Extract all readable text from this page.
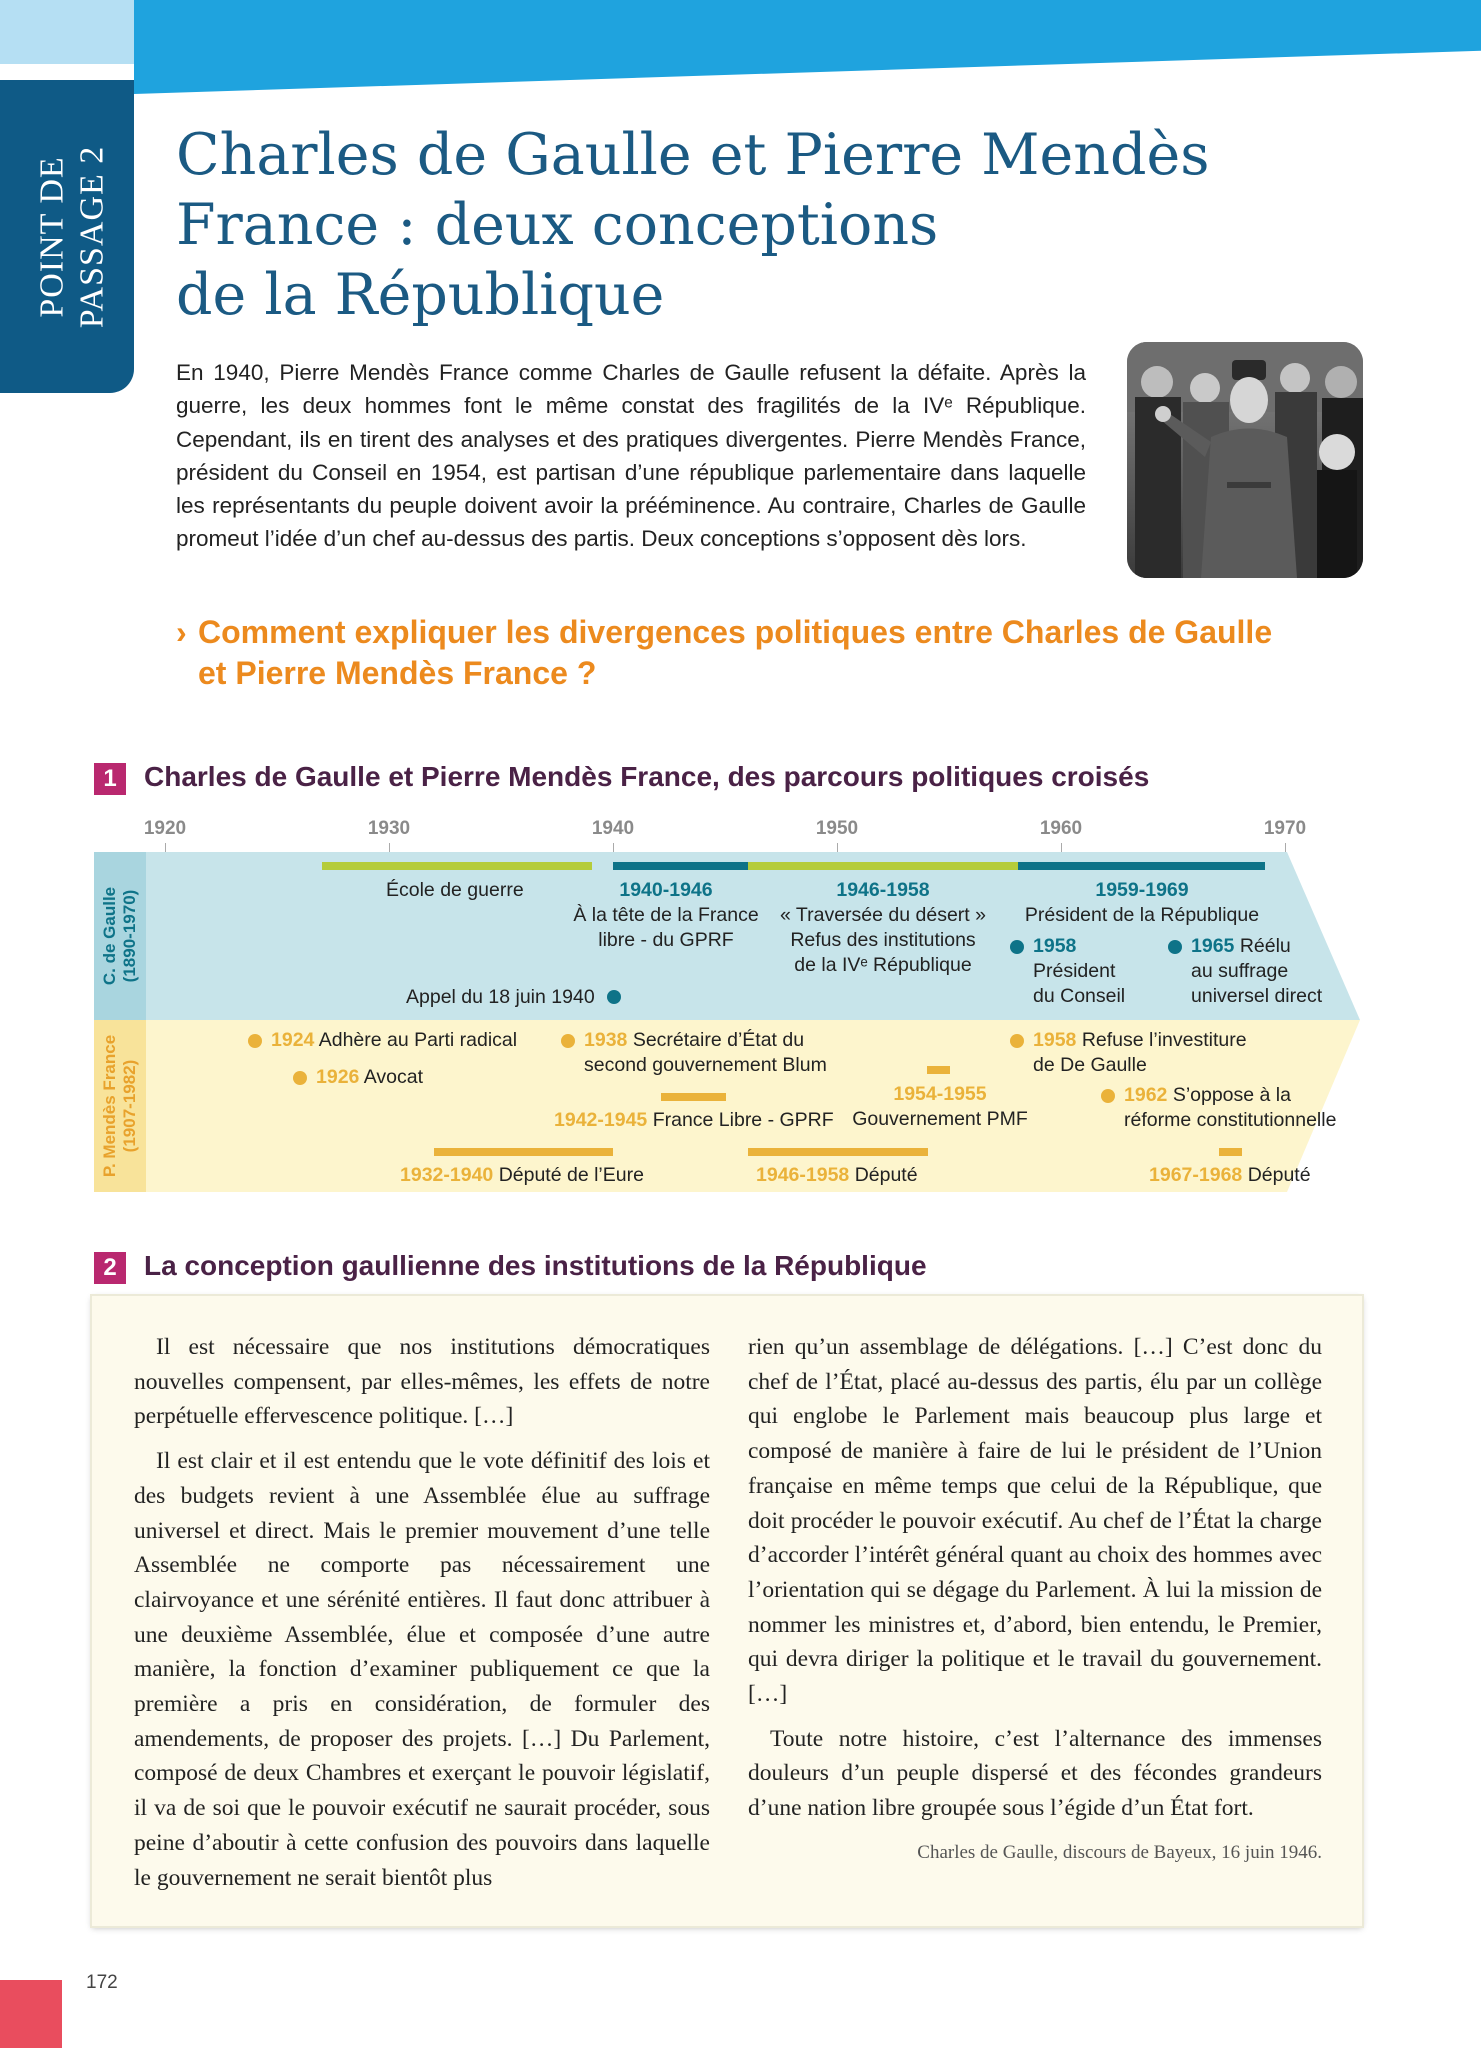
POINT DE
PASSAGE 2 Charles de Gaulle et Pierre Mendès
France : deux conceptions
de la République

En 1940, Pierre Mendès France comme Charles de Gaulle refusent la défaite. Après la guerre, les deux hommes font le même constat des fragilités de la IVᵉ République. Cependant, ils en tirent des analyses et des pratiques divergentes. Pierre Mendès France, président du Conseil en 1954, est partisan d’une république parlementaire dans laquelle les représentants du peuple doivent avoir la prééminence. Au contraire, Charles de Gaulle promeut l’idée d’un chef au-dessus des partis. Deux conceptions s’opposent dès lors.

› Comment expliquer les divergences politiques entre Charles de Gaulle
et Pierre Mendès France ?
1 Charles de Gaulle et Pierre Mendès France, des parcours politiques croisés
1920	1930	1940	1950	1960	1970
C. de Gaulle
(1890-1970)
P. Mendès France
(1907-1982)
École de guerre	1940-1946
À la tête de la France
libre - du GPRF
1946-1958
« Traversée du désert »
Refus des institutions
de la IVᵉ République
1959-1969
Président de la République
1958
Président
du Conseil
1965 Réélu
au suffrage
universel direct
Appel du 18 juin 1940
1924 Adhère au Parti radical
1926 Avocat
1938 Secrétaire d’État du
second gouvernement Blum
1942-1945 France Libre - GPRF
1954-1955
Gouvernement PMF
1958 Refuse l’investiture
de De Gaulle
1962 S’oppose à la
réforme constitutionnelle
1932-1940 Député de l’Eure	1946-1958 Député	1967-1968 Député
2 La conception gaullienne des institutions de la République

Il est nécessaire que nos institutions démocratiques nouvelles compensent, par elles-mêmes, les effets de notre perpétuelle effervescence politique. […]

Il est clair et il est entendu que le vote définitif des lois et des budgets revient à une Assemblée élue au suffrage universel et direct. Mais le premier mouvement d’une telle Assemblée ne comporte pas nécessairement une clairvoyance et une sérénité entières. Il faut donc attribuer à une deuxième Assemblée, élue et composée d’une autre manière, la fonction d’examiner publiquement ce que la première a pris en considération, de formuler des amendements, de proposer des projets. […] Du Parlement, composé de deux Chambres et exerçant le pouvoir législatif, il va de soi que le pouvoir exécutif ne saurait procéder, sous peine d’aboutir à cette confusion des pouvoirs dans laquelle le gouvernement ne serait bientôt plus

rien qu’un assemblage de délégations. […] C’est donc du chef de l’État, placé au-dessus des partis, élu par un collège qui englobe le Parlement mais beaucoup plus large et composé de manière à faire de lui le président de l’Union française en même temps que celui de la République, que doit procéder le pouvoir exécutif. Au chef de l’État la charge d’accorder l’intérêt général quant au choix des hommes avec l’orientation qui se dégage du Parlement. À lui la mission de nommer les ministres et, d’abord, bien entendu, le Premier, qui devra diriger la politique et le travail du gouvernement. […]

Toute notre histoire, c’est l’alternance des immenses douleurs d’un peuple dispersé et des fécondes grandeurs d’une nation libre groupée sous l’égide d’un État fort.

Charles de Gaulle, discours de Bayeux, 16 juin 1946.
172
